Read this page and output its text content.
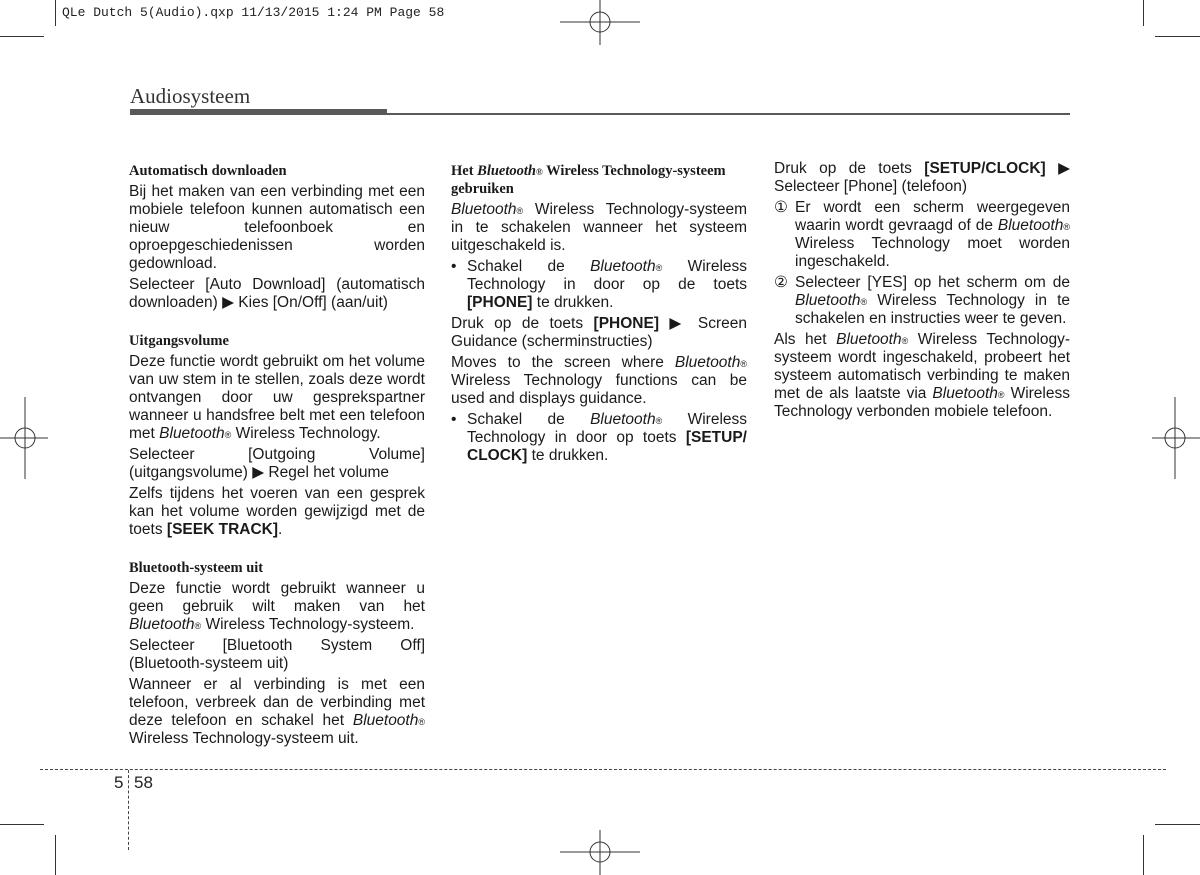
QLe Dutch 5(Audio).qxp 11/13/2015 1:24 PM Page 58
Audiosysteem
Automatisch downloaden

Bij het maken van een verbinding met een mobiele telefoon kunnen automatisch een nieuw telefoonboek en oproepgeschiedenissen worden gedownload.

Selecteer [Auto Download] (automatisch downloaden) ▶ Kies [On/Off] (aan/uit)

Uitgangsvolume

Deze functie wordt gebruikt om het volume van uw stem in te stellen, zoals deze wordt ontvangen door uw gesprekspartner wanneer u handsfree belt met een telefoon met Bluetooth® Wireless Technology.

Selecteer [Outgoing Volume] (uitgangsvolume) ▶ Regel het volume

Zelfs tijdens het voeren van een gesprek kan het volume worden gewijzigd met de toets [SEEK TRACK].

Bluetooth-systeem uit

Deze functie wordt gebruikt wanneer u geen gebruik wilt maken van het Bluetooth® Wireless Technology-systeem.

Selecteer [Bluetooth System Off] (Bluetooth-systeem uit)

Wanneer er al verbinding is met een telefoon, verbreek dan de verbinding met deze telefoon en schakel het Bluetooth® Wireless Technology-systeem uit.

Het Bluetooth® Wireless Technology-systeem gebruiken

Bluetooth® Wireless Technology-systeem in te schakelen wanneer het systeem uitgeschakeld is.

• Schakel de Bluetooth® Wireless Technology in door op de toets [PHONE] te drukken.

Druk op de toets [PHONE] ▶ Screen Guidance (scherminstructies)

Moves to the screen where Bluetooth® Wireless Technology functions can be used and displays guidance.

• Schakel de Bluetooth® Wireless Technology in door op toets [SETUP/ CLOCK] te drukken.

Druk op de toets [SETUP/CLOCK] ▶ Selecteer [Phone] (telefoon)

① Er wordt een scherm weergegeven waarin wordt gevraagd of de Bluetooth® Wireless Technology moet worden ingeschakeld.
② Selecteer [YES] op het scherm om de Bluetooth® Wireless Technology in te schakelen en instructies weer te geven.

Als het Bluetooth® Wireless Technology-systeem wordt ingeschakeld, probeert het systeem automatisch verbinding te maken met de als laatste via Bluetooth® Wireless Technology verbonden mobiele telefoon.

5 58
